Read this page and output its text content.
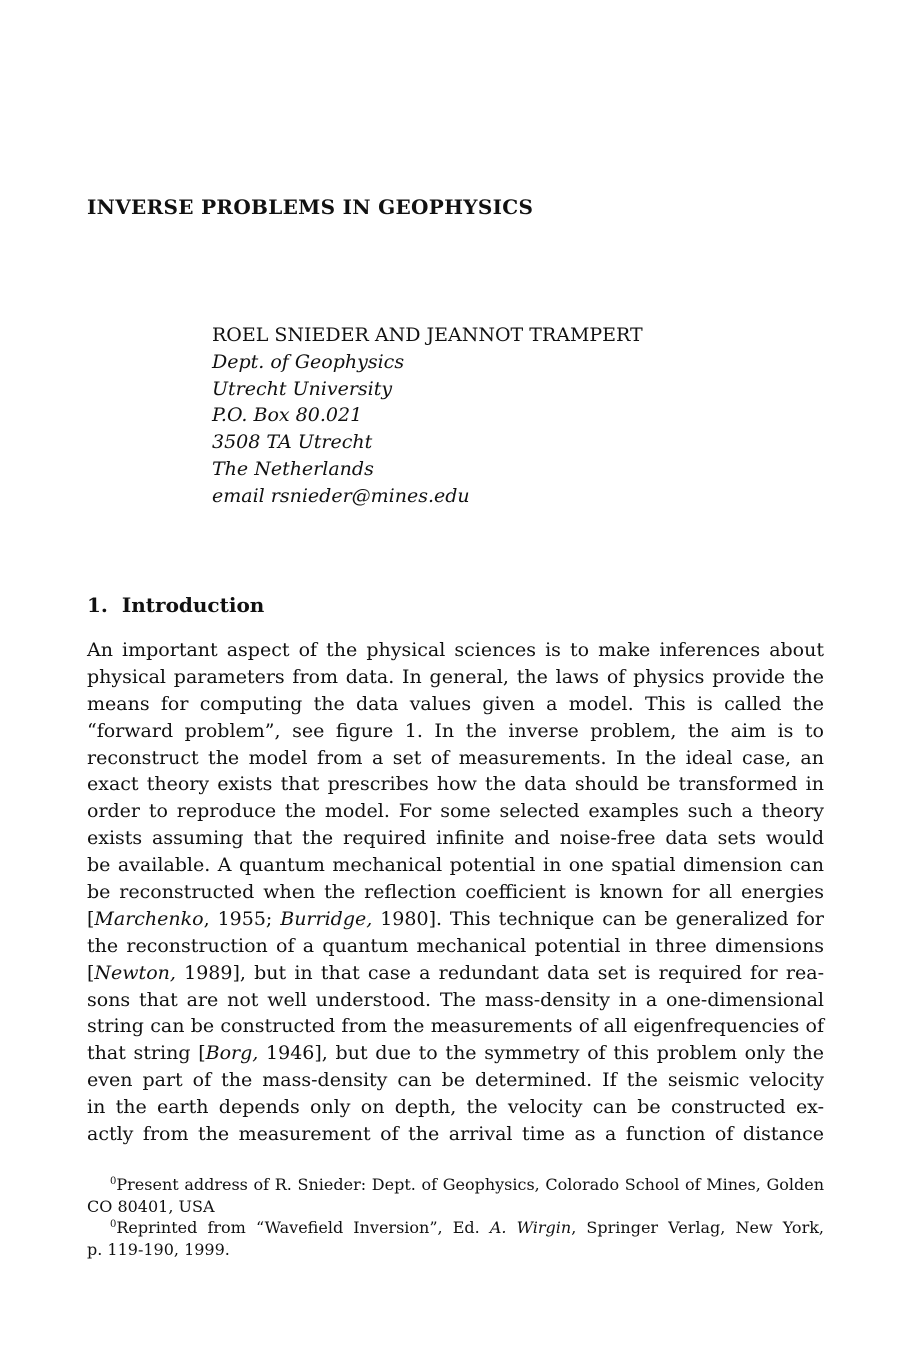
INVERSE PROBLEMS IN GEOPHYSICS
ROEL SNIEDER AND JEANNOT TRAMPERT
Dept. of Geophysics
Utrecht University
P.O. Box 80.021
3508 TA Utrecht
The Netherlands
email rsnieder@mines.edu
1. Introduction
An important aspect of the physical sciences is to make inferences about
physical parameters from data. In general, the laws of physics provide the
means for computing the data values given a model. This is called the
“forward problem”, see figure 1. In the inverse problem, the aim is to
reconstruct the model from a set of measurements. In the ideal case, an
exact theory exists that prescribes how the data should be transformed in
order to reproduce the model. For some selected examples such a theory
exists assuming that the required infinite and noise-free data sets would
be available. A quantum mechanical potential in one spatial dimension can
be reconstructed when the reflection coefficient is known for all energies
[Marchenko, 1955; Burridge, 1980]. This technique can be generalized for
the reconstruction of a quantum mechanical potential in three dimensions
[Newton, 1989], but in that case a redundant data set is required for rea-
sons that are not well understood. The mass-density in a one-dimensional
string can be constructed from the measurements of all eigenfrequencies of
that string [Borg, 1946], but due to the symmetry of this problem only the
even part of the mass-density can be determined. If the seismic velocity
in the earth depends only on depth, the velocity can be constructed ex-
actly from the measurement of the arrival time as a function of distance
$^0$Present address of R. Snieder: Dept. of Geophysics, Colorado School of Mines, Golden
CO 80401, USA
$^0$Reprinted from “Wavefield Inversion”, Ed. A. Wirgin, Springer Verlag, New York,
p. 119-190, 1999.
